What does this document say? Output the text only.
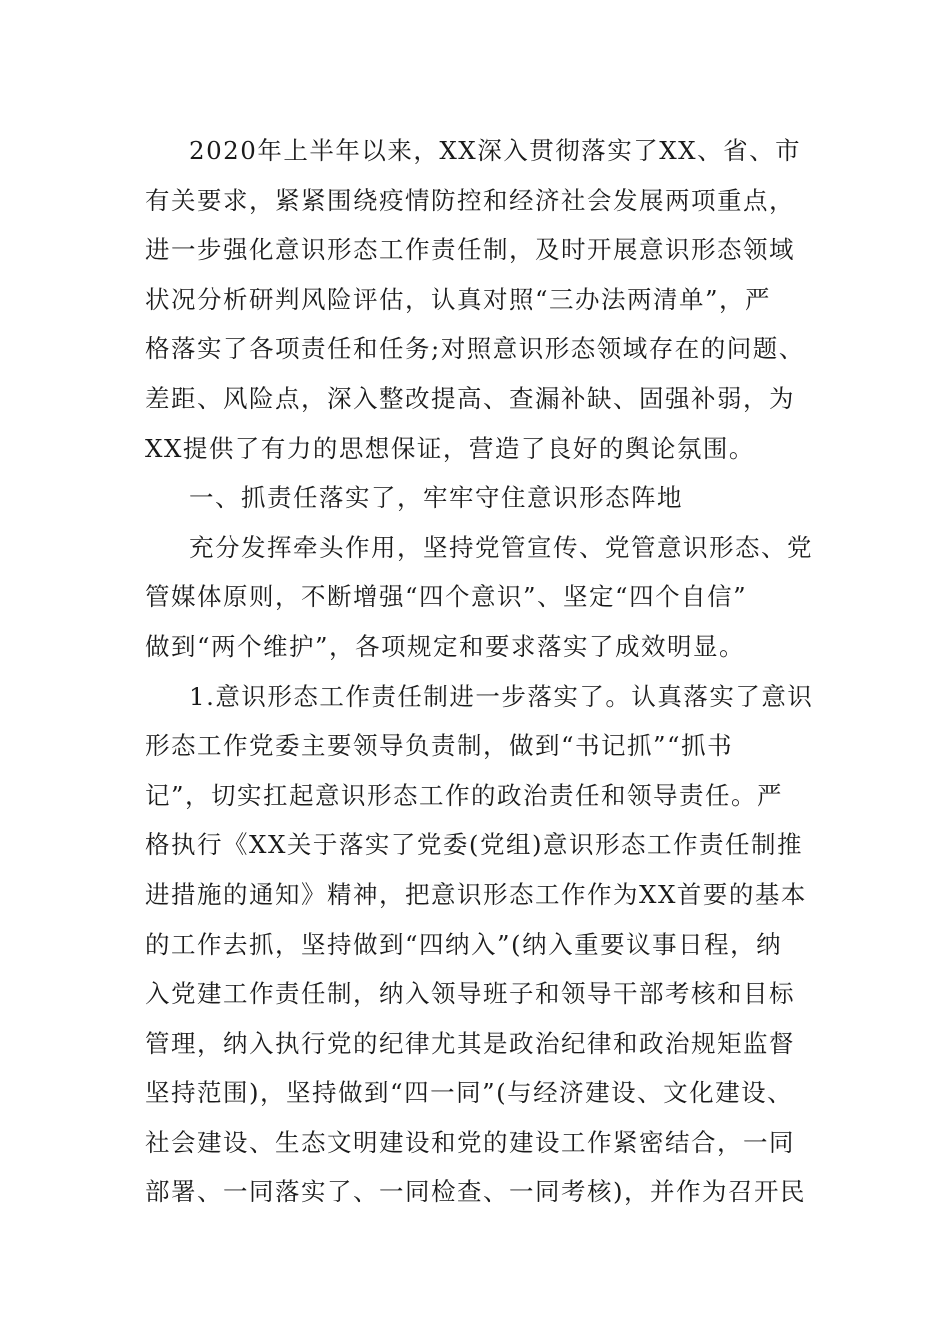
2020年上半年以来，XX深入贯彻落实了XX、省、市
有关要求，紧紧围绕疫情防控和经济社会发展两项重点，
进一步强化意识形态工作责任制，及时开展意识形态领域
状况分析研判风险评估，认真对照“三办法两清单”，严
格落实了各项责任和任务;对照意识形态领域存在的问题、
差距、风险点，深入整改提高、查漏补缺、固强补弱，为
XX提供了有力的思想保证，营造了良好的舆论氛围。
一、抓责任落实了，牢牢守住意识形态阵地
充分发挥牵头作用，坚持党管宣传、党管意识形态、党
管媒体原则，不断增强“四个意识”、坚定“四个自信”
做到“两个维护”，各项规定和要求落实了成效明显。
1.意识形态工作责任制进一步落实了。认真落实了意识
形态工作党委主要领导负责制，做到“书记抓”“抓书
记”，切实扛起意识形态工作的政治责任和领导责任。严
格执行《XX关于落实了党委(党组)意识形态工作责任制推
进措施的通知》精神，把意识形态工作作为XX首要的基本
的工作去抓，坚持做到“四纳入”(纳入重要议事日程，纳
入党建工作责任制，纳入领导班子和领导干部考核和目标
管理，纳入执行党的纪律尤其是政治纪律和政治规矩监督
坚持范围)，坚持做到“四一同”(与经济建设、文化建设、
社会建设、生态文明建设和党的建设工作紧密结合，一同
部署、一同落实了、一同检查、一同考核)，并作为召开民
